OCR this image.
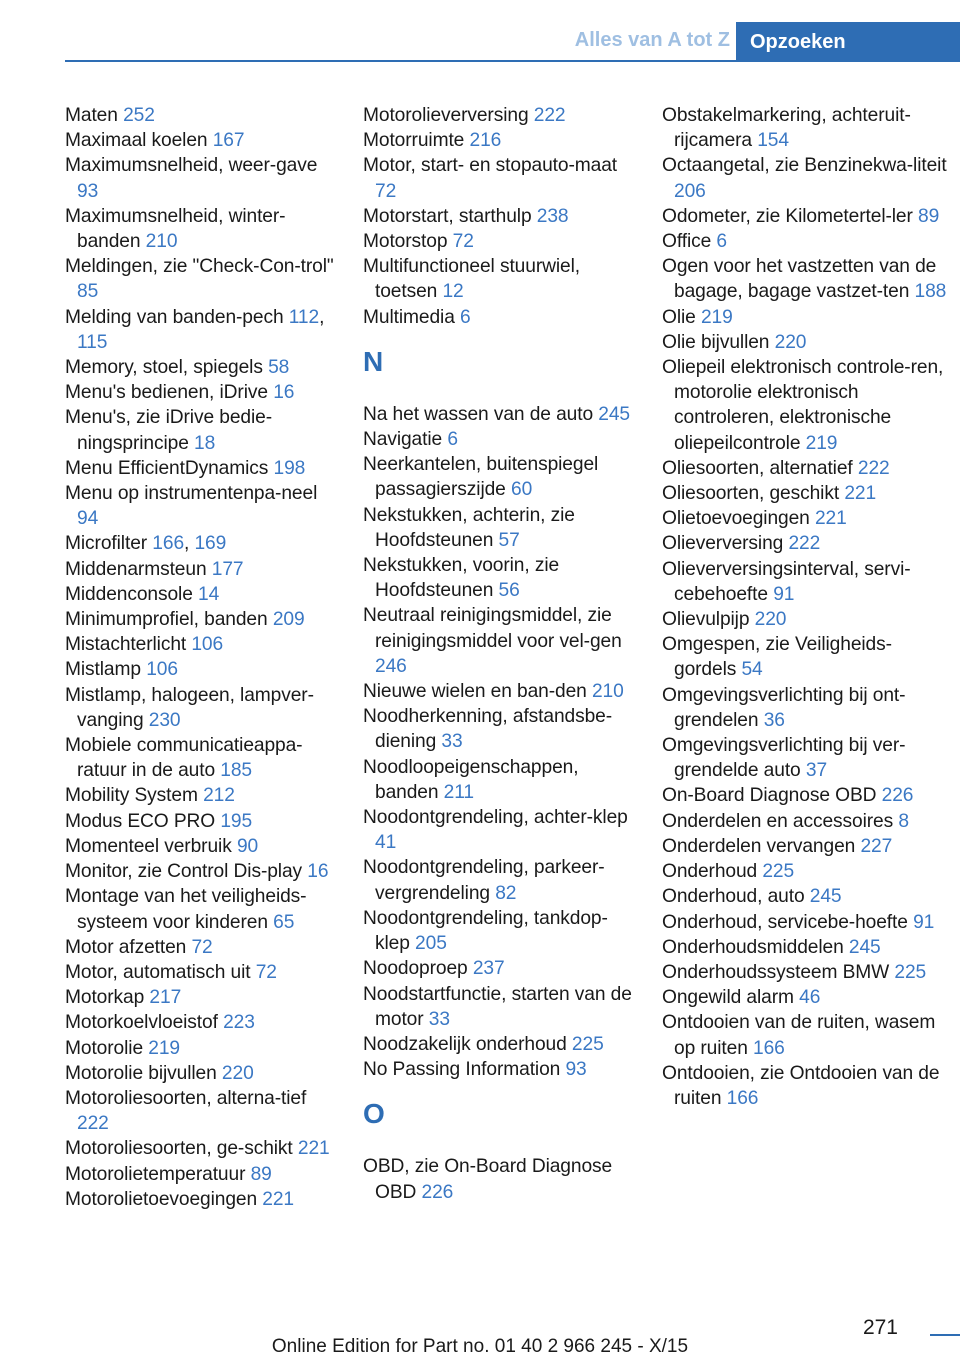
Alles van A tot Z	Opzoeken
Maten 252
Maximaal koelen 167
Maximumsnelheid, weer-gave 93
Maximumsnelheid, winter-banden 210
Meldingen, zie "Check-Con-trol" 85
Melding van banden-pech 112, 115
Memory, stoel, spiegels 58
Menu's bedienen, iDrive 16
Menu's, zie iDrive bedie-ningsprincipe 18
Menu EfficientDynamics 198
Menu op instrumentenpa-neel 94
Microfilter 166, 169
Middenarmsteun 177
Middenconsole 14
Minimumprofiel, banden 209
Mistachterlicht 106
Mistlamp 106
Mistlamp, halogeen, lampver-vanging 230
Mobiele communicatieappa-ratuur in de auto 185
Mobility System 212
Modus ECO PRO 195
Momenteel verbruik 90
Monitor, zie Control Dis-play 16
Montage van het veiligheids-systeem voor kinderen 65
Motor afzetten 72
Motor, automatisch uit 72
Motorkap 217
Motorkoelvloeistof 223
Motorolie 219
Motorolie bijvullen 220
Motoroliesoorten, alterna-tief 222
Motoroliesoorten, ge-schikt 221
Motorolietemperatuur 89
Motorolietoevoegingen 221
Motorolieverversing 222
Motorruimte 216
Motor, start- en stopauto-maat 72
Motorstart, starthulp 238
Motorstop 72
Multifunctioneel stuurwiel, toetsen 12
Multimedia 6
N
Na het wassen van de auto 245
Navigatie 6
Neerkantelen, buitenspiegel passagierszijde 60
Nekstukken, achterin, zie Hoofdsteunen 57
Nekstukken, voorin, zie Hoofdsteunen 56
Neutraal reinigingsmiddel, zie reinigingsmiddel voor vel-gen 246
Nieuwe wielen en ban-den 210
Noodherkenning, afstandsbe-diening 33
Noodloopeigenschappen, banden 211
Noodontgrendeling, achter-klep 41
Noodontgrendeling, parkeer-vergrendeling 82
Noodontgrendeling, tankdop-klep 205
Noodoproep 237
Noodstartfunctie, starten van de motor 33
Noodzakelijk onderhoud 225
No Passing Information 93
O
OBD, zie On-Board Diagnose OBD 226
Obstakelmarkering, achteruit-rijcamera 154
Octaangetal, zie Benzinekwa-liteit 206
Odometer, zie Kilometertel-ler 89
Office 6
Ogen voor het vastzetten van de bagage, bagage vastzet-ten 188
Olie 219
Olie bijvullen 220
Oliepeil elektronisch controle-ren, motorolie elektronisch controleren, elektronische oliepeilcontrole 219
Oliesoorten, alternatief 222
Oliesoorten, geschikt 221
Olietoevoegingen 221
Olieverversing 222
Olieverversingsinterval, servi-cebehoefte 91
Olievulpijp 220
Omgespen, zie Veiligheids-gordels 54
Omgevingsverlichting bij ont-grendelen 36
Omgevingsverlichting bij ver-grendelde auto 37
On-Board Diagnose OBD 226
Onderdelen en accessoires 8
Onderdelen vervangen 227
Onderhoud 225
Onderhoud, auto 245
Onderhoud, servicebe-hoefte 91
Onderhoudsmiddelen 245
Onderhoudssysteem BMW 225
Ongewild alarm 46
Ontdooien van de ruiten, wasem op ruiten 166
Ontdooien, zie Ontdooien van de ruiten 166
271
Online Edition for Part no. 01 40 2 966 245 - X/15
